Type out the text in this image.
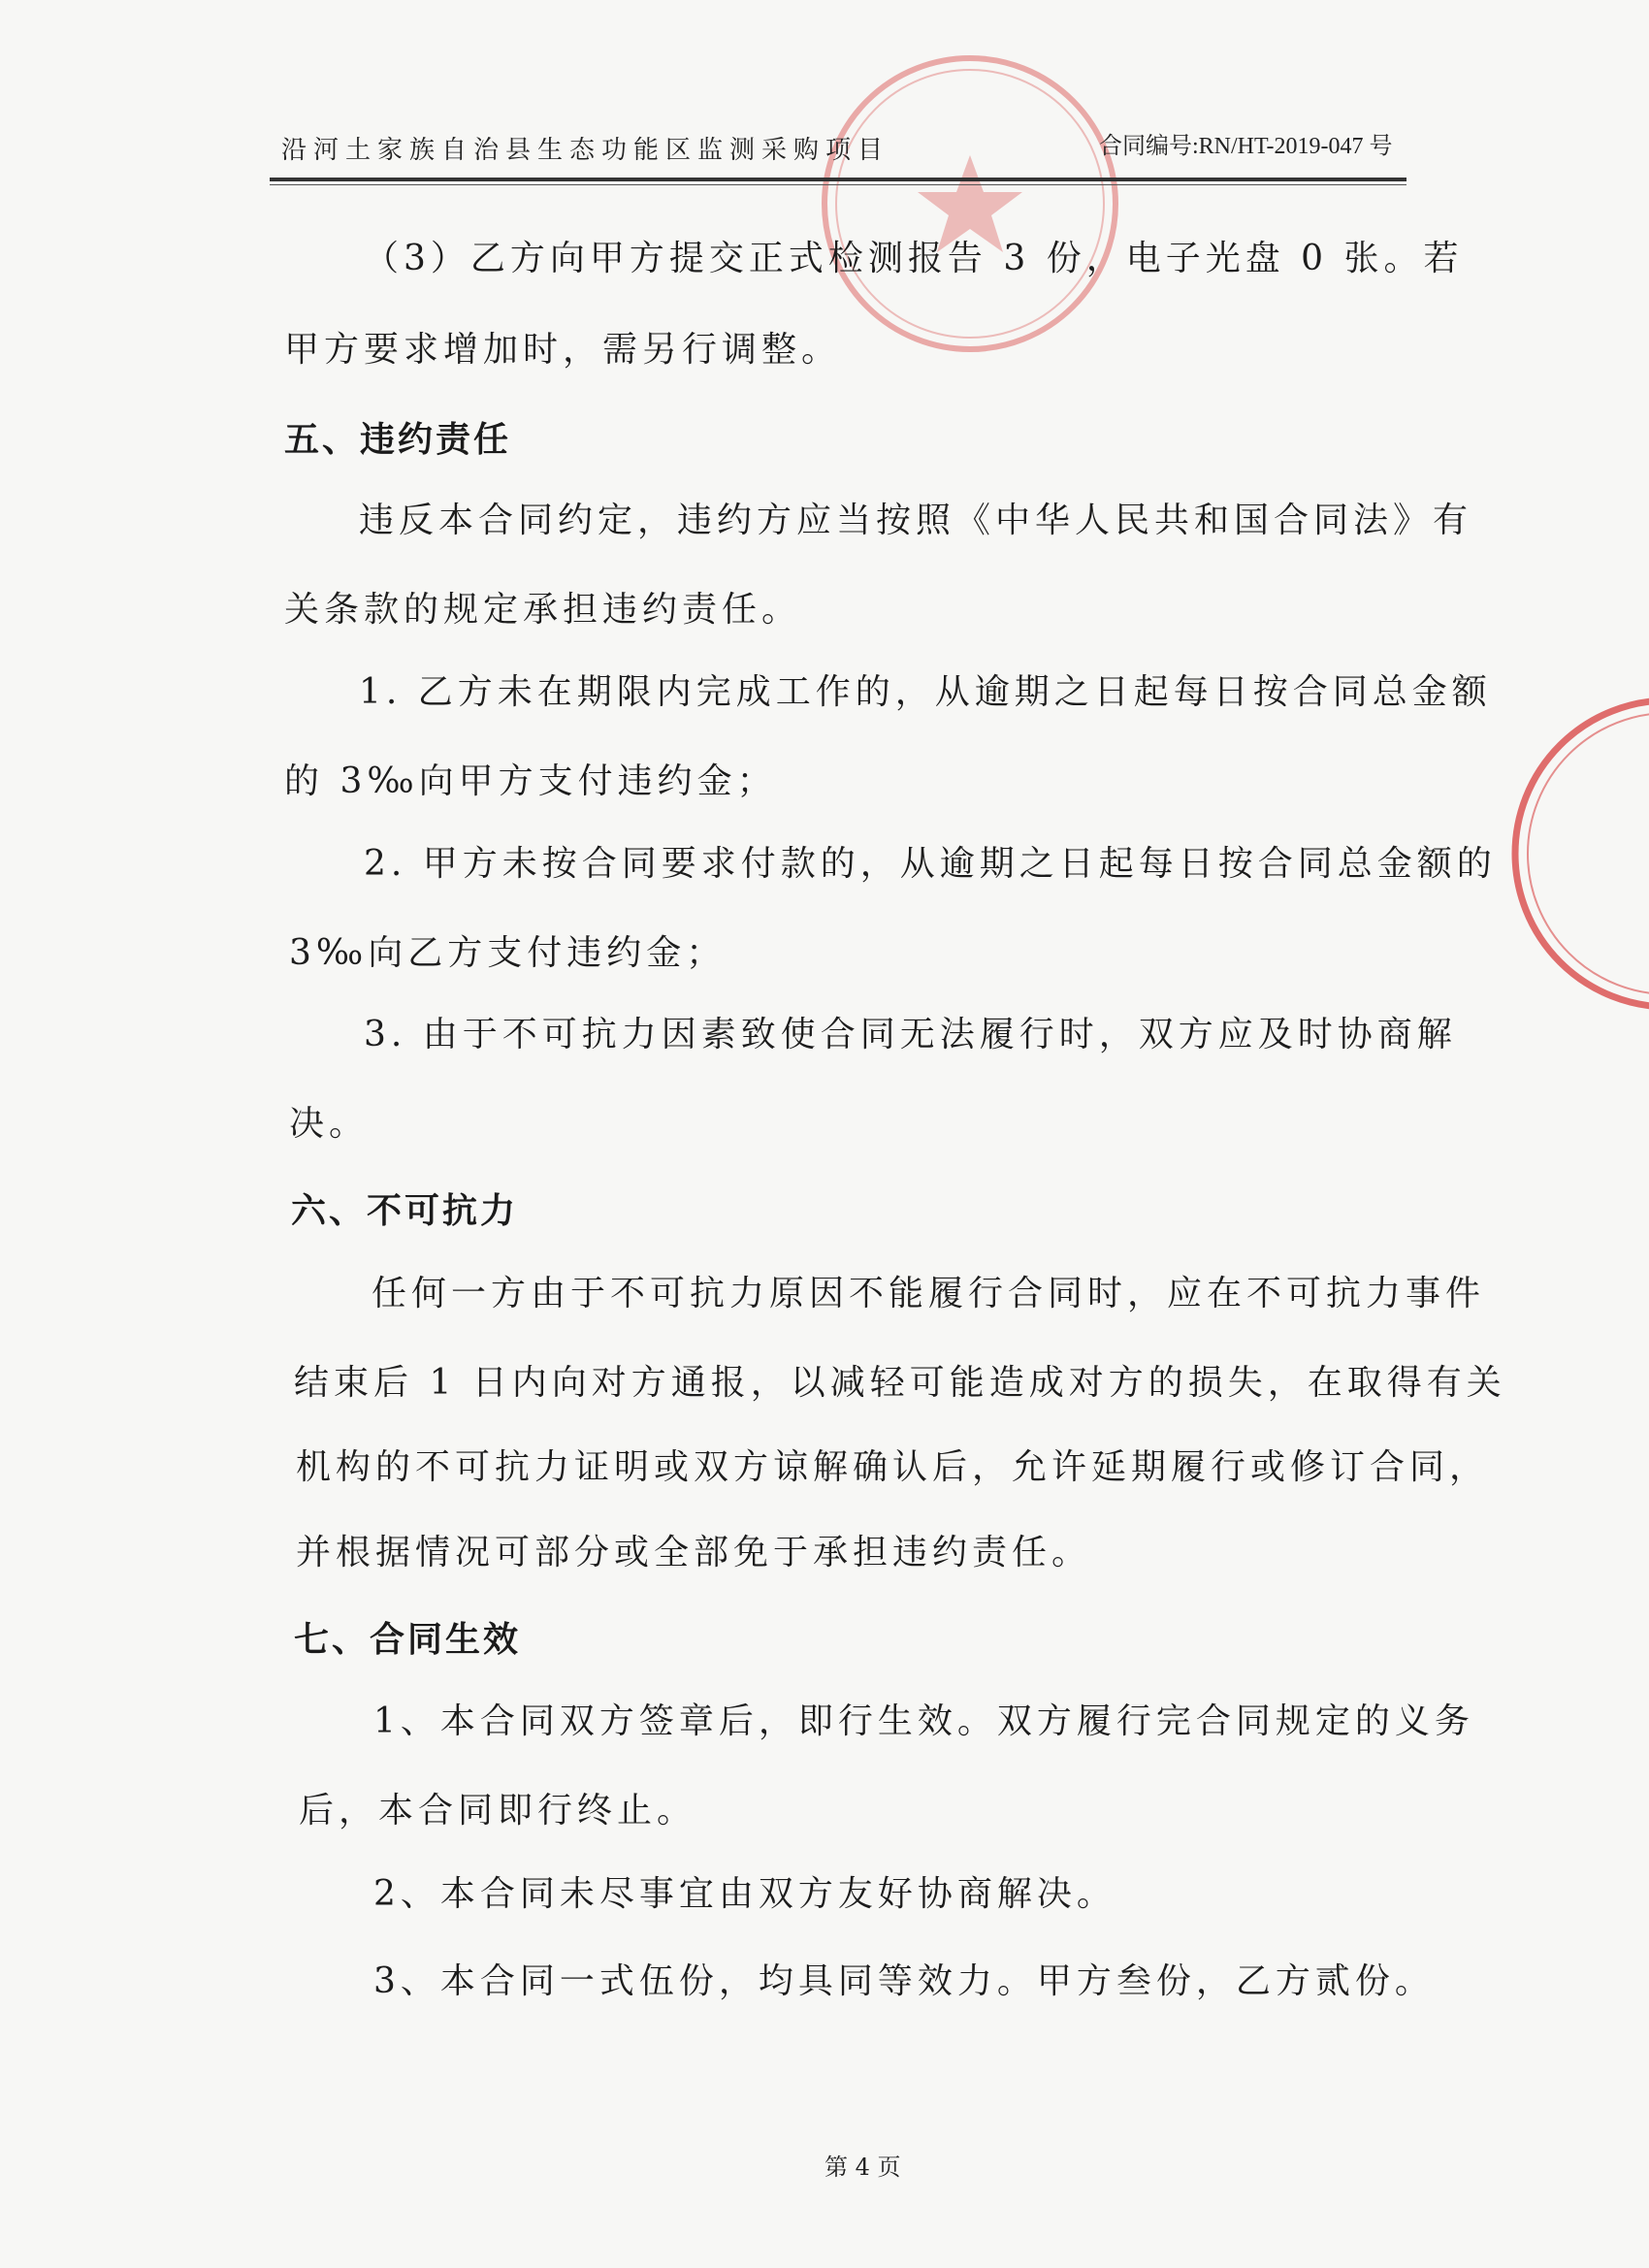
沿河土家族自治县生态功能区监测采购项目	合同编号:RN/HT-2019-047 号
（3）乙方向甲方提交正式检测报告 3 份，电子光盘 0 张。若
甲方要求增加时，需另行调整。
五、违约责任
违反本合同约定，违约方应当按照《中华人民共和国合同法》有
关条款的规定承担违约责任。
1. 乙方未在期限内完成工作的，从逾期之日起每日按合同总金额
的 3‰向甲方支付违约金；
2. 甲方未按合同要求付款的，从逾期之日起每日按合同总金额的
3‰向乙方支付违约金；
3. 由于不可抗力因素致使合同无法履行时，双方应及时协商解
决。
六、不可抗力
任何一方由于不可抗力原因不能履行合同时，应在不可抗力事件
结束后 1 日内向对方通报，以减轻可能造成对方的损失，在取得有关
机构的不可抗力证明或双方谅解确认后，允许延期履行或修订合同，
并根据情况可部分或全部免于承担违约责任。
七、合同生效
1、本合同双方签章后，即行生效。双方履行完合同规定的义务
后，本合同即行终止。
2、本合同未尽事宜由双方友好协商解决。
3、本合同一式伍份，均具同等效力。甲方叁份，乙方贰份。
第 4 页
